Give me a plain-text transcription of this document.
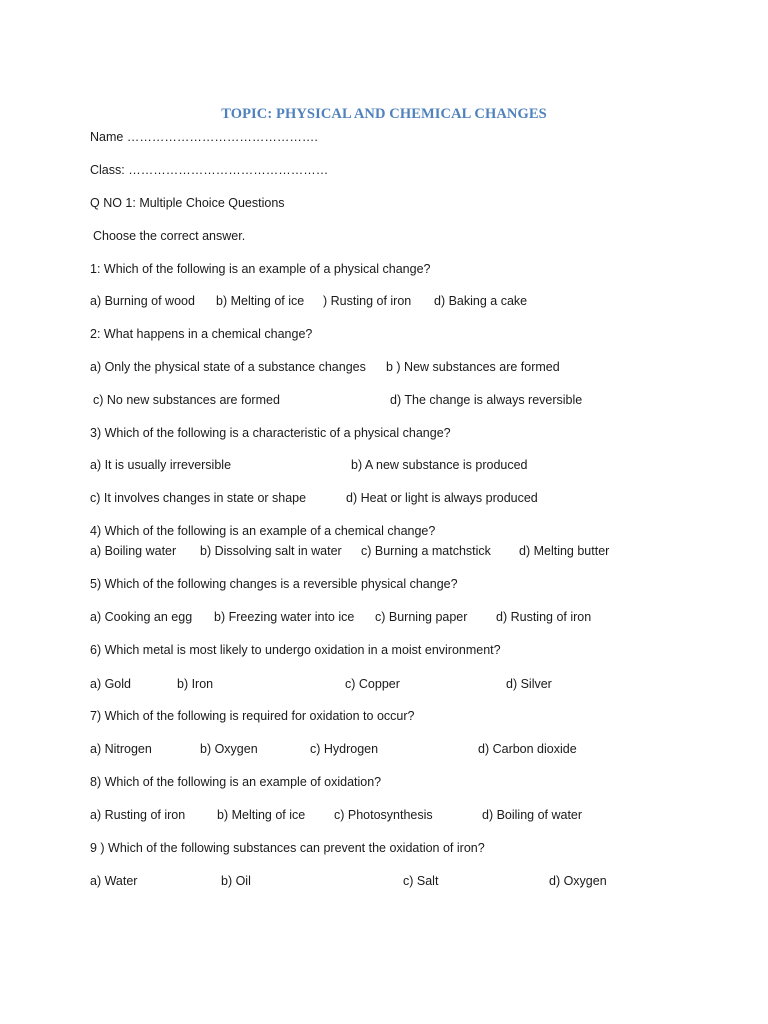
TOPIC: PHYSICAL AND CHEMICAL CHANGES
Name ……………………………………….
Class: …………………………………………
Q NO 1: Multiple Choice Questions
Choose the correct answer.
1: Which of the following is an example of a physical change?
a) Burning of wood b) Melting of ice ) Rusting of iron d) Baking a cake
2: What happens in a chemical change?
a) Only the physical state of a substance changes b ) New substances are formed
c) No new substances are formed	d) The change is always reversible
3) Which of the following is a characteristic of a physical change?
a) It is usually irreversible	b) A new substance is produced
c) It involves changes in state or shape	d) Heat or light is always produced
4) Which of the following is an example of a chemical change?
a) Boiling water b) Dissolving salt in water c) Burning a matchstick d) Melting butter
5) Which of the following changes is a reversible physical change?
a) Cooking an egg b) Freezing water into ice c) Burning paper d) Rusting of iron
6) Which metal is most likely to undergo oxidation in a moist environment?
a) Gold	b) Iron	c) Copper	d) Silver
7) Which of the following is required for oxidation to occur?
a) Nitrogen	b) Oxygen	c) Hydrogen	d) Carbon dioxide
8) Which of the following is an example of oxidation?
a) Rusting of iron	b) Melting of ice c) Photosynthesis	d) Boiling of water
9 ) Which of the following substances can prevent the oxidation of iron?
a) Water	b) Oil	c) Salt	d) Oxygen
